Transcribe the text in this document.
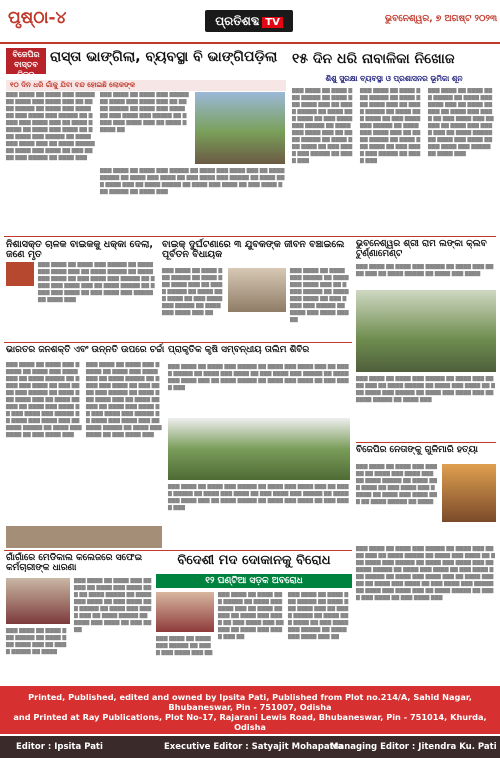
ପୃଷ୍ଠା-୪	ପ୍ରତିଶବ୍ଦ TV	ଭୁବନେଶ୍ୱର, ୭ ଅଗଷ୍ଟ ୨୦୨୩
ବିଜେପିର ବାସ୍ତବ ଚିତ୍ର
ରାସ୍ତା ଭାଙ୍ଗିଲା, ବ୍ୟବସ୍ଥା ବି ଭାଙ୍ଗିପଡ଼ିଲା
୧୦ ଦିନ ଧରି ଗାଁକୁ ଯିବା ବନ୍ଦ ହୋଇଛି ଲୋକଙ୍କ
▇▇▇ ▇▇▇▇ ▇▇ ▇▇▇▇ ▇▇▇ ▇▇▇▇▇ ▇▇ ▇▇▇▇ ▇▇▇ ▇▇▇▇ ▇▇▇ ▇▇ ▇▇▇▇ ▇▇▇▇▇ ▇▇ ▇▇▇▇ ▇▇▇ ▇▇▇▇ ▇▇ ▇▇▇ ▇▇▇▇ ▇▇▇ ▇▇▇▇▇ ▇▇ ▇▇▇▇ ▇▇▇ ▇▇▇▇ ▇▇▇ ▇▇ ▇▇▇▇ ▇▇▇▇▇ ▇▇ ▇▇▇▇ ▇▇▇ ▇▇▇▇ ▇▇ ▇▇▇ ▇▇▇▇ ▇▇▇ ▇▇▇▇▇ ▇▇ ▇▇▇▇ ▇▇▇ ▇▇▇▇ ▇▇▇ ▇▇ ▇▇▇▇ ▇▇▇▇▇ ▇▇ ▇▇▇▇ ▇▇▇ ▇▇▇▇ ▇▇ ▇▇▇ ▇▇▇▇ ▇▇▇ ▇▇▇▇▇ ▇▇ ▇▇▇▇ ▇▇▇
▇▇▇ ▇▇▇▇ ▇▇ ▇▇▇▇ ▇▇▇ ▇▇▇▇▇ ▇▇ ▇▇▇▇ ▇▇▇ ▇▇▇▇ ▇▇▇ ▇▇ ▇▇▇▇ ▇▇▇▇▇ ▇▇ ▇▇▇▇ ▇▇▇ ▇▇▇▇ ▇▇ ▇▇▇ ▇▇▇▇ ▇▇▇ ▇▇▇▇▇ ▇▇ ▇▇▇▇ ▇▇▇ ▇▇▇▇ ▇▇▇ ▇▇ ▇▇▇▇ ▇▇▇▇▇ ▇▇
▇▇▇ ▇▇▇▇ ▇▇ ▇▇▇▇ ▇▇▇ ▇▇▇▇▇ ▇▇ ▇▇▇▇ ▇▇▇ ▇▇▇▇ ▇▇▇ ▇▇ ▇▇▇▇ ▇▇▇▇▇ ▇▇ ▇▇▇▇ ▇▇▇ ▇▇▇▇ ▇▇ ▇▇▇ ▇▇▇▇ ▇▇▇ ▇▇▇▇▇ ▇▇ ▇▇▇▇ ▇▇▇ ▇▇▇▇ ▇▇▇ ▇▇ ▇▇▇▇ ▇▇▇▇▇ ▇▇ ▇▇▇▇ ▇▇▇ ▇▇▇▇ ▇▇ ▇▇▇ ▇▇▇▇ ▇▇▇ ▇▇▇▇▇ ▇▇ ▇▇▇▇ ▇▇▇
୧୫ ଦିନ ଧରି ନାବାଳିକା ନିଖୋଜ
ଶିଶୁ ସୁରକ୍ଷା ବ୍ୟବସ୍ଥା ଓ ପ୍ରଶାସନର ଭୂମିକା ଶୂନ
▇▇▇ ▇▇▇▇ ▇▇ ▇▇▇▇ ▇▇▇ ▇▇▇▇▇ ▇▇ ▇▇▇▇ ▇▇▇ ▇▇▇▇ ▇▇▇ ▇▇ ▇▇▇▇ ▇▇▇▇▇ ▇▇ ▇▇▇▇ ▇▇▇ ▇▇▇▇ ▇▇ ▇▇▇ ▇▇▇▇ ▇▇▇ ▇▇▇▇▇ ▇▇ ▇▇▇▇ ▇▇▇ ▇▇▇▇ ▇▇▇ ▇▇ ▇▇▇▇ ▇▇▇▇▇ ▇▇ ▇▇▇▇ ▇▇▇ ▇▇▇▇ ▇▇ ▇▇▇ ▇▇▇▇ ▇▇▇ ▇▇▇▇▇ ▇▇ ▇▇▇▇ ▇▇▇
▇▇▇ ▇▇▇▇ ▇▇ ▇▇▇▇ ▇▇▇ ▇▇▇▇▇ ▇▇ ▇▇▇▇ ▇▇▇ ▇▇▇▇ ▇▇▇ ▇▇ ▇▇▇▇ ▇▇▇▇▇ ▇▇ ▇▇▇▇ ▇▇▇ ▇▇▇▇ ▇▇ ▇▇▇ ▇▇▇▇ ▇▇▇ ▇▇▇▇▇ ▇▇ ▇▇▇▇ ▇▇▇ ▇▇▇▇ ▇▇▇ ▇▇ ▇▇▇▇ ▇▇▇▇▇ ▇▇ ▇▇▇▇ ▇▇▇ ▇▇▇▇ ▇▇ ▇▇▇ ▇▇▇▇ ▇▇▇ ▇▇▇▇▇ ▇▇ ▇▇▇▇ ▇▇▇
▇▇▇ ▇▇▇▇ ▇▇ ▇▇▇▇ ▇▇▇ ▇▇▇▇▇ ▇▇ ▇▇▇▇ ▇▇▇ ▇▇▇▇ ▇▇▇ ▇▇ ▇▇▇▇ ▇▇▇▇▇ ▇▇ ▇▇▇▇ ▇▇▇ ▇▇▇▇ ▇▇ ▇▇▇ ▇▇▇▇ ▇▇▇ ▇▇▇▇▇ ▇▇ ▇▇▇▇ ▇▇▇ ▇▇▇▇ ▇▇▇ ▇▇ ▇▇▇▇ ▇▇▇▇▇ ▇▇ ▇▇▇▇ ▇▇▇ ▇▇▇▇ ▇▇ ▇▇▇ ▇▇▇▇ ▇▇▇ ▇▇▇▇▇ ▇▇ ▇▇▇▇ ▇▇▇
ନିଶାସକ୍ତ ଚାଳକ ବାଇକକୁ ଧକ୍କା ଦେଲା, ଜଣେ ମୃତ
▇▇▇ ▇▇▇▇ ▇▇ ▇▇▇▇ ▇▇▇ ▇▇▇▇▇ ▇▇ ▇▇▇▇ ▇▇▇ ▇▇▇▇ ▇▇▇ ▇▇ ▇▇▇▇ ▇▇▇▇▇ ▇▇ ▇▇▇▇ ▇▇▇ ▇▇▇▇ ▇▇ ▇▇▇ ▇▇▇▇ ▇▇▇ ▇▇▇▇▇ ▇▇ ▇▇▇▇ ▇▇▇ ▇▇▇▇ ▇▇▇ ▇▇ ▇▇▇▇ ▇▇▇▇▇ ▇▇ ▇▇▇▇ ▇▇▇ ▇▇▇▇ ▇▇ ▇▇▇ ▇▇▇▇ ▇▇▇ ▇▇▇▇▇ ▇▇ ▇▇▇▇ ▇▇▇
ବାଇକ୍ ଦୁର୍ଘଟଣାରେ ୩ ଯୁବକଙ୍କ ଜୀବନ ବଞ୍ଚାଇଲେ ପୂର୍ବତନ ବିଧାୟକ
▇▇▇ ▇▇▇▇ ▇▇ ▇▇▇▇ ▇▇▇ ▇▇▇▇▇ ▇▇ ▇▇▇▇ ▇▇▇ ▇▇▇▇ ▇▇▇ ▇▇ ▇▇▇▇ ▇▇▇▇▇ ▇▇ ▇▇▇▇ ▇▇▇ ▇▇▇▇ ▇▇ ▇▇▇ ▇▇▇▇ ▇▇▇ ▇▇▇▇▇ ▇▇ ▇▇▇▇ ▇▇▇ ▇▇▇▇ ▇▇▇ ▇▇
▇▇▇ ▇▇▇▇ ▇▇ ▇▇▇▇ ▇▇▇ ▇▇▇▇▇ ▇▇ ▇▇▇▇ ▇▇▇ ▇▇▇▇ ▇▇▇ ▇▇ ▇▇▇▇ ▇▇▇▇▇ ▇▇ ▇▇▇▇ ▇▇▇ ▇▇▇▇ ▇▇ ▇▇▇ ▇▇▇▇ ▇▇▇ ▇▇▇▇▇ ▇▇ ▇▇▇▇ ▇▇▇ ▇▇▇▇ ▇▇▇ ▇▇
ଭୁବନେଶ୍ୱର ଶ୍ରୀ ରାମ ଲଙ୍କା କ୍ଲବ ଟୁର୍ଣ୍ଣାମେଣ୍ଟ
▇▇▇ ▇▇▇▇ ▇▇ ▇▇▇▇ ▇▇▇ ▇▇▇▇▇ ▇▇ ▇▇▇▇ ▇▇▇ ▇▇▇▇ ▇▇▇ ▇▇ ▇▇▇▇ ▇▇▇▇▇ ▇▇ ▇▇▇▇ ▇▇▇ ▇▇▇▇
▇▇▇ ▇▇▇▇ ▇▇ ▇▇▇▇ ▇▇▇ ▇▇▇▇▇ ▇▇ ▇▇▇▇ ▇▇▇ ▇▇▇▇ ▇▇▇ ▇▇ ▇▇▇▇ ▇▇▇▇▇ ▇▇ ▇▇▇▇ ▇▇▇ ▇▇▇▇ ▇▇ ▇▇▇ ▇▇▇▇ ▇▇▇ ▇▇▇▇▇ ▇▇ ▇▇▇▇ ▇▇▇ ▇▇▇▇ ▇▇▇ ▇▇ ▇▇▇▇ ▇▇▇▇▇ ▇▇ ▇▇▇▇ ▇▇▇
ଭାରତର ଜନଶକ୍ତି ଏବଂ ଉନ୍ନତି ଉପରେ ଚର୍ଚ୍ଚା
▇▇▇ ▇▇▇▇ ▇▇ ▇▇▇▇ ▇▇▇ ▇▇▇▇▇ ▇▇ ▇▇▇▇ ▇▇▇ ▇▇▇▇ ▇▇▇ ▇▇ ▇▇▇▇ ▇▇▇▇▇ ▇▇ ▇▇▇▇ ▇▇▇ ▇▇▇▇ ▇▇ ▇▇▇ ▇▇▇▇ ▇▇▇ ▇▇▇▇▇ ▇▇ ▇▇▇▇ ▇▇▇ ▇▇▇▇ ▇▇▇ ▇▇ ▇▇▇▇ ▇▇▇▇▇ ▇▇ ▇▇▇▇ ▇▇▇ ▇▇▇▇ ▇▇ ▇▇▇ ▇▇▇▇ ▇▇▇ ▇▇▇▇▇ ▇▇ ▇▇▇▇ ▇▇▇ ▇▇▇▇ ▇▇▇ ▇▇ ▇▇▇▇ ▇▇▇▇▇ ▇▇ ▇▇▇▇ ▇▇▇ ▇▇▇▇ ▇▇ ▇▇▇ ▇▇▇▇ ▇▇▇
▇▇▇ ▇▇▇▇ ▇▇ ▇▇▇▇ ▇▇▇ ▇▇▇▇▇ ▇▇ ▇▇▇▇ ▇▇▇ ▇▇▇▇ ▇▇▇ ▇▇ ▇▇▇▇ ▇▇▇▇▇ ▇▇ ▇▇▇▇ ▇▇▇ ▇▇▇▇ ▇▇ ▇▇▇ ▇▇▇▇ ▇▇▇ ▇▇▇▇▇ ▇▇ ▇▇▇▇ ▇▇▇ ▇▇▇▇ ▇▇▇ ▇▇ ▇▇▇▇ ▇▇▇▇▇ ▇▇ ▇▇▇▇ ▇▇▇ ▇▇▇▇ ▇▇ ▇▇▇ ▇▇▇▇ ▇▇▇ ▇▇▇▇▇ ▇▇ ▇▇▇▇ ▇▇▇ ▇▇▇▇ ▇▇▇ ▇▇ ▇▇▇▇ ▇▇▇▇▇ ▇▇ ▇▇▇▇ ▇▇▇ ▇▇▇▇ ▇▇ ▇▇▇ ▇▇▇▇ ▇▇▇
ପ୍ରାକୃତିକ କୃଷି ସମ୍ବନ୍ଧୀୟ ତାଲିମ ଶିବିର
▇▇▇ ▇▇▇▇ ▇▇ ▇▇▇▇ ▇▇▇ ▇▇▇▇▇ ▇▇ ▇▇▇▇ ▇▇▇ ▇▇▇▇ ▇▇▇ ▇▇ ▇▇▇▇ ▇▇▇▇▇ ▇▇ ▇▇▇▇ ▇▇▇ ▇▇▇▇ ▇▇ ▇▇▇ ▇▇▇▇ ▇▇▇ ▇▇▇▇▇ ▇▇ ▇▇▇▇ ▇▇▇ ▇▇▇▇ ▇▇▇ ▇▇ ▇▇▇▇ ▇▇▇▇▇ ▇▇ ▇▇▇▇ ▇▇▇ ▇▇▇▇ ▇▇ ▇▇▇ ▇▇▇▇ ▇▇▇
▇▇▇ ▇▇▇▇ ▇▇ ▇▇▇▇ ▇▇▇ ▇▇▇▇▇ ▇▇ ▇▇▇▇ ▇▇▇ ▇▇▇▇ ▇▇▇ ▇▇ ▇▇▇▇ ▇▇▇▇▇ ▇▇ ▇▇▇▇ ▇▇▇ ▇▇▇▇ ▇▇ ▇▇▇ ▇▇▇▇ ▇▇▇ ▇▇▇▇▇ ▇▇ ▇▇▇▇ ▇▇▇ ▇▇▇▇ ▇▇▇ ▇▇ ▇▇▇▇ ▇▇▇▇▇ ▇▇ ▇▇▇▇ ▇▇▇ ▇▇▇▇ ▇▇ ▇▇▇ ▇▇▇▇ ▇▇▇
ବିଜେପିର ନେତାଙ୍କୁ ଗୁଳିମାରି ହତ୍ୟା
▇▇▇ ▇▇▇▇ ▇▇ ▇▇▇▇ ▇▇▇ ▇▇▇▇▇ ▇▇ ▇▇▇▇ ▇▇▇ ▇▇▇▇ ▇▇▇ ▇▇ ▇▇▇▇ ▇▇▇▇▇ ▇▇ ▇▇▇▇ ▇▇▇ ▇▇▇▇ ▇▇ ▇▇▇ ▇▇▇▇ ▇▇▇ ▇▇▇▇▇ ▇▇ ▇▇▇▇ ▇▇▇ ▇▇▇▇ ▇▇▇ ▇▇ ▇▇▇▇ ▇▇▇▇▇ ▇▇ ▇▇▇▇
▇▇▇ ▇▇▇▇ ▇▇ ▇▇▇▇ ▇▇▇ ▇▇▇▇▇ ▇▇ ▇▇▇▇ ▇▇▇ ▇▇▇▇ ▇▇▇ ▇▇ ▇▇▇▇ ▇▇▇▇▇ ▇▇ ▇▇▇▇ ▇▇▇ ▇▇▇▇ ▇▇ ▇▇▇ ▇▇▇▇ ▇▇▇ ▇▇▇▇▇ ▇▇ ▇▇▇▇ ▇▇▇ ▇▇▇▇ ▇▇▇ ▇▇ ▇▇▇▇ ▇▇▇▇▇ ▇▇ ▇▇▇▇ ▇▇▇ ▇▇▇▇ ▇▇ ▇▇▇ ▇▇▇▇ ▇▇▇ ▇▇▇▇▇ ▇▇ ▇▇▇▇ ▇▇▇ ▇▇▇▇ ▇▇▇ ▇▇ ▇▇▇▇ ▇▇▇▇▇ ▇▇ ▇▇▇▇ ▇▇▇ ▇▇▇▇ ▇▇ ▇▇▇ ▇▇▇▇ ▇▇▇ ▇▇▇▇▇ ▇▇ ▇▇▇▇ ▇▇▇ ▇▇▇▇ ▇▇▇ ▇▇ ▇▇▇▇ ▇▇▇▇▇ ▇▇ ▇▇▇▇ ▇▇▇ ▇▇▇▇ ▇▇ ▇▇▇ ▇▇▇▇ ▇▇▇
ଗାଁଗାଁରେ ମେଡିକାଲ କଲେଜରେ ସଫେଇ କର୍ମଚାରୀଙ୍କ ଧାରଣା
▇▇▇ ▇▇▇▇ ▇▇ ▇▇▇▇ ▇▇▇ ▇▇▇▇▇ ▇▇ ▇▇▇▇ ▇▇▇ ▇▇▇▇ ▇▇▇ ▇▇ ▇▇▇▇ ▇▇▇▇▇ ▇▇ ▇▇▇▇ ▇▇▇ ▇▇▇▇ ▇▇ ▇▇▇ ▇▇▇▇ ▇▇▇ ▇▇▇▇▇ ▇▇ ▇▇▇▇ ▇▇▇ ▇▇▇▇ ▇▇▇ ▇▇ ▇▇▇▇ ▇▇▇▇▇ ▇▇ ▇▇▇▇ ▇▇▇ ▇▇▇▇ ▇▇ ▇▇▇ ▇▇▇▇
▇▇▇ ▇▇▇▇ ▇▇ ▇▇▇▇ ▇▇▇ ▇▇▇▇▇ ▇▇ ▇▇▇▇ ▇▇▇ ▇▇▇▇ ▇▇▇ ▇▇ ▇▇▇▇ ▇▇▇▇▇ ▇▇ ▇▇▇▇
ବିଦେଶୀ ମଦ ଦୋକାନକୁ ବିରୋଧ
୧୨ ଘଣ୍ଟିଆ ସଡ଼କ ଅବରୋଧ
▇▇▇ ▇▇▇▇ ▇▇ ▇▇▇▇ ▇▇▇ ▇▇▇▇▇ ▇▇ ▇▇▇▇ ▇▇▇ ▇▇▇▇ ▇▇▇ ▇▇ ▇▇▇▇ ▇▇▇▇▇ ▇▇ ▇▇▇▇ ▇▇▇ ▇▇▇▇ ▇▇ ▇▇▇ ▇▇▇▇ ▇▇▇ ▇▇▇▇▇ ▇▇ ▇▇▇▇ ▇▇▇ ▇▇▇▇ ▇▇▇ ▇▇
▇▇▇ ▇▇▇▇ ▇▇ ▇▇▇▇ ▇▇▇ ▇▇▇▇▇ ▇▇ ▇▇▇▇ ▇▇▇ ▇▇▇▇ ▇▇▇ ▇▇ ▇▇▇▇ ▇▇▇▇▇ ▇▇ ▇▇▇▇ ▇▇▇ ▇▇▇▇ ▇▇ ▇▇▇ ▇▇▇▇ ▇▇▇ ▇▇▇▇▇ ▇▇ ▇▇▇▇ ▇▇▇ ▇▇▇▇ ▇▇▇ ▇▇
▇▇▇ ▇▇▇▇ ▇▇ ▇▇▇▇ ▇▇▇ ▇▇▇▇▇ ▇▇ ▇▇▇▇ ▇▇▇ ▇▇▇▇ ▇▇▇ ▇▇
Printed, Published, edited and owned by Ipsita Pati, Published from Plot no.214/A, Sahid Nagar, Bhubaneswar, Pin - 751007, Odisha
and Printed at Ray Publications, Plot No-17, Rajarani Lewis Road, Bhubaneswar, Pin - 751014, Khurda, Odisha
Editor : Ipsita Pati	Executive Editor : Satyajit Mohapatra
Managing Editor : Jitendra Ku. Pati
